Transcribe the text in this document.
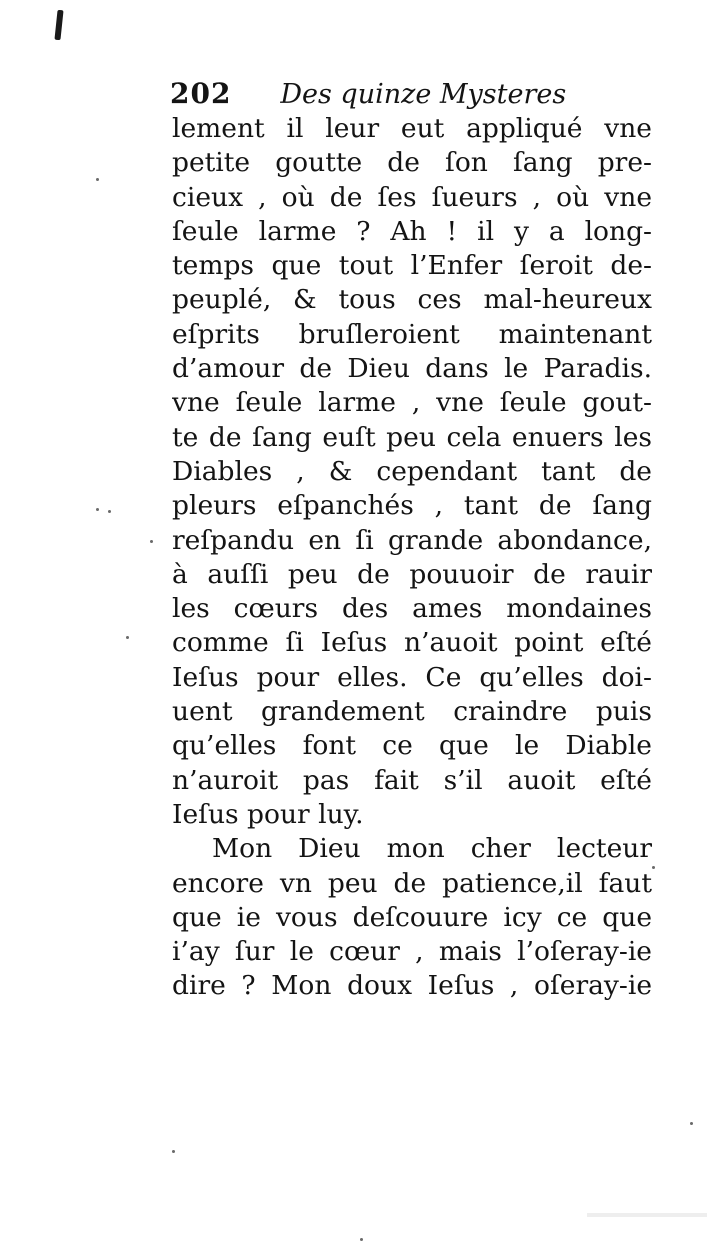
202 Des quinze Mysteres
lement il leur eut appliqué vne
petite goutte de ſon ſang pre-
cieux , où de ſes ſueurs , où vne
ſeule larme ? Ah ! il y a long-
temps que tout l’Enfer ſeroit de-
peuplé, & tous ces mal-heureux
eſprits bruſleroient maintenant
d’amour de Dieu dans le Paradis.
vne ſeule larme , vne ſeule gout-
te de ſang euſt peu cela enuers les
Diables , & cependant tant de
pleurs eſpanchés , tant de ſang
reſpandu en ſi grande abondance,
à auſſi peu de pouuoir de rauir
les cœurs des ames mondaines
comme ſi Ieſus n’auoit point eſté
Ieſus pour elles. Ce qu’elles doi-
uent grandement craindre puis
qu’elles font ce que le Diable
n’auroit pas fait s’il auoit eſté
Ieſus pour luy.
Mon Dieu mon cher lecteur
encore vn peu de patience,il faut
que ie vous deſcouure icy ce que
i’ay ſur le cœur , mais l’oſeray-ie
dire ? Mon doux Ieſus , oſeray-ie
